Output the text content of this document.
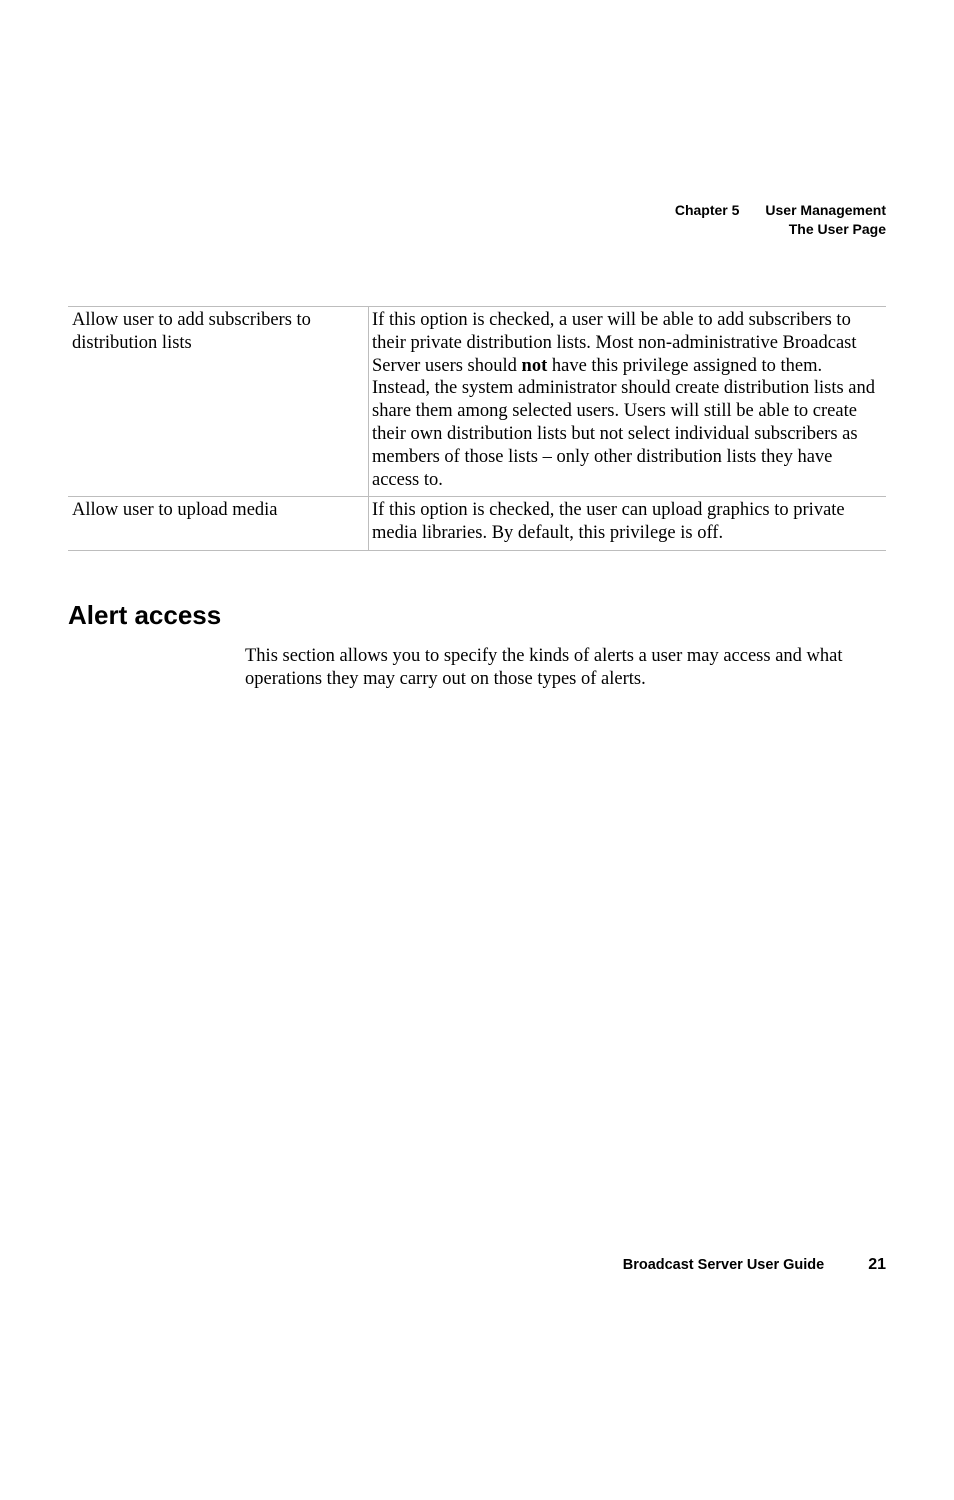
Chapter 5 User Management
The User Page
Allow user to add subscribers to distribution lists	If this option is checked, a user will be able to add subscribers to their private distribution lists. Most non-administrative Broadcast Server users should not have this privilege assigned to them. Instead, the system administrator should create distribution lists and share them among selected users. Users will still be able to create their own distribution lists but not select individual subscribers as members of those lists – only other distribution lists they have access to.
Allow user to upload media	If this option is checked, the user can upload graphics to private media libraries. By default, this privilege is off.
Alert access

This section allows you to specify the kinds of alerts a user may access and what operations they may carry out on those types of alerts.

Broadcast Server User Guide	21
